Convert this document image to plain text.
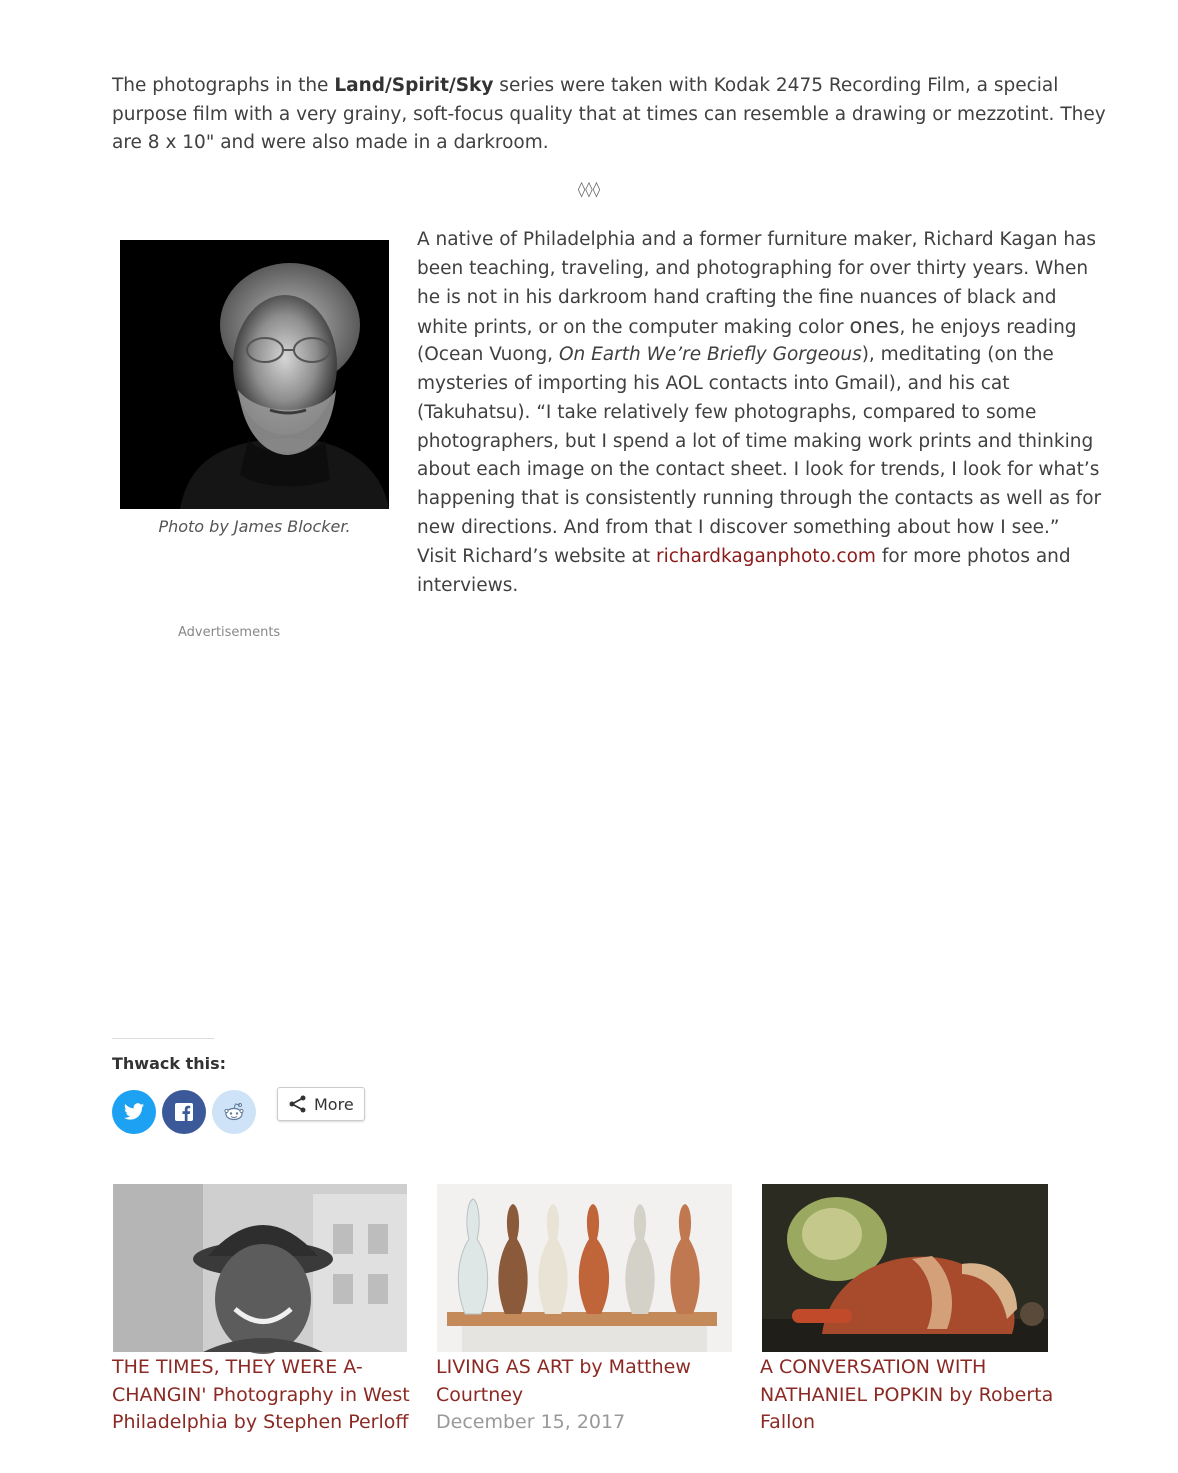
The photographs in the Land/Spirit/Sky series were taken with Kodak 2475 Recording Film, a special
purpose film with a very grainy, soft-focus quality that at times can resemble a drawing or mezzotint. They
are 8 x 10" and were also made in a darkroom.
◊◊◊
Photo by James Blocker.
A native of Philadelphia and a former furniture maker, Richard Kagan has
been teaching, traveling, and photographing for over thirty years. When
he is not in his darkroom hand crafting the fine nuances of black and
white prints, or on the computer making color ones, he enjoys reading
(Ocean Vuong, On Earth We’re Briefly Gorgeous), meditating (on the
mysteries of importing his AOL contacts into Gmail), and his cat
(Takuhatsu). “I take relatively few photographs, compared to some
photographers, but I spend a lot of time making work prints and thinking
about each image on the contact sheet. I look for trends, I look for what’s
happening that is consistently running through the contacts as well as for
new directions. And from that I discover something about how I see.”
Visit Richard’s website at richardkaganphoto.com for more photos and
interviews.
Advertisements
Thwack this:
More
THE TIMES, THEY WERE A-
CHANGIN' Photography in West
Philadelphia by Stephen Perloff
LIVING AS ART by Matthew
Courtney
December 15, 2017
A CONVERSATION WITH
NATHANIEL POPKIN by Roberta
Fallon
